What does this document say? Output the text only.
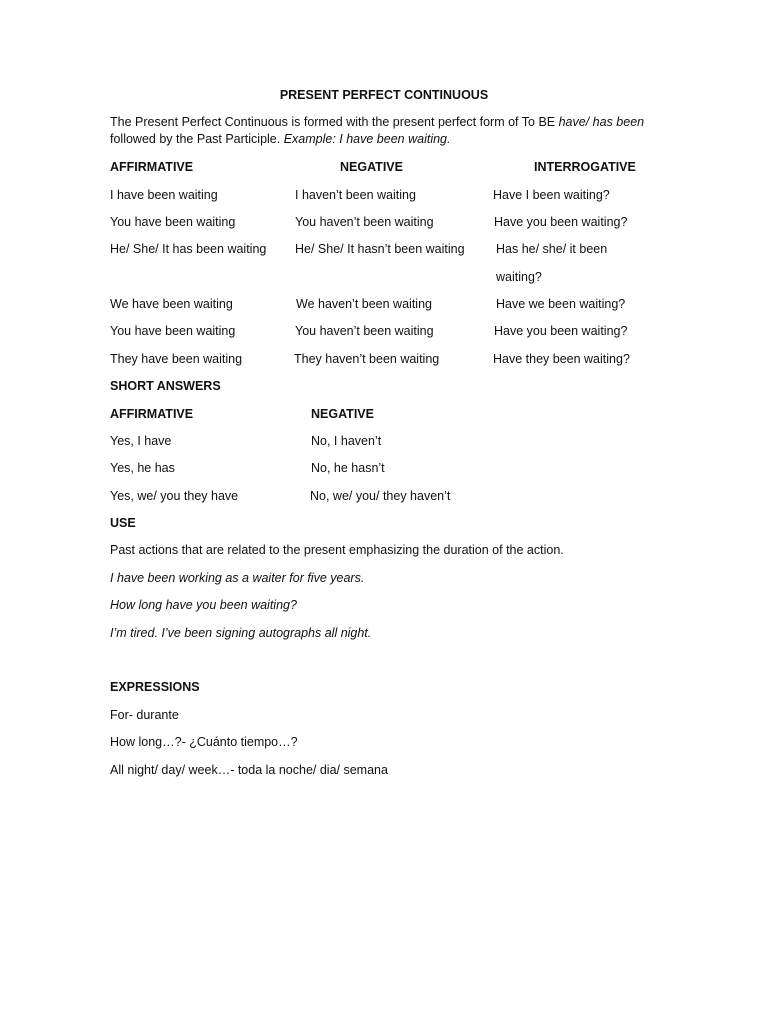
PRESENT PERFECT CONTINUOUS
The Present Perfect Continuous is formed with the present perfect form of To BE have/ has been followed by the Past Participle. Example: I have been waiting.
AFFIRMATIVE	NEGATIVE	INTERROGATIVE
I have been waiting	I haven’t been waiting	Have I been waiting?
You have been waiting	You haven’t been waiting	Have you been waiting?
He/ She/ It has been waiting He/ She/ It hasn’t been waiting	Has he/ she/ it been
waiting?
We have been waiting	We haven’t been waiting	Have we been waiting?
You have been waiting	You haven’t been waiting	Have you been waiting?
They have been waiting	They haven’t been waiting	Have they been waiting?
SHORT ANSWERS
AFFIRMATIVE	NEGATIVE
Yes, I have	No, I haven’t
Yes, he has	No, he hasn’t
Yes, we/ you they have	No, we/ you/ they haven’t
USE
Past actions that are related to the present emphasizing the duration of the action.
I have been working as a waiter for five years.
How long have you been waiting?
I’m tired. I’ve been signing autographs all night.
EXPRESSIONS
For- durante
How long…?- ¿Cuánto tiempo…?
All night/ day/ week…- toda la noche/ dia/ semana
